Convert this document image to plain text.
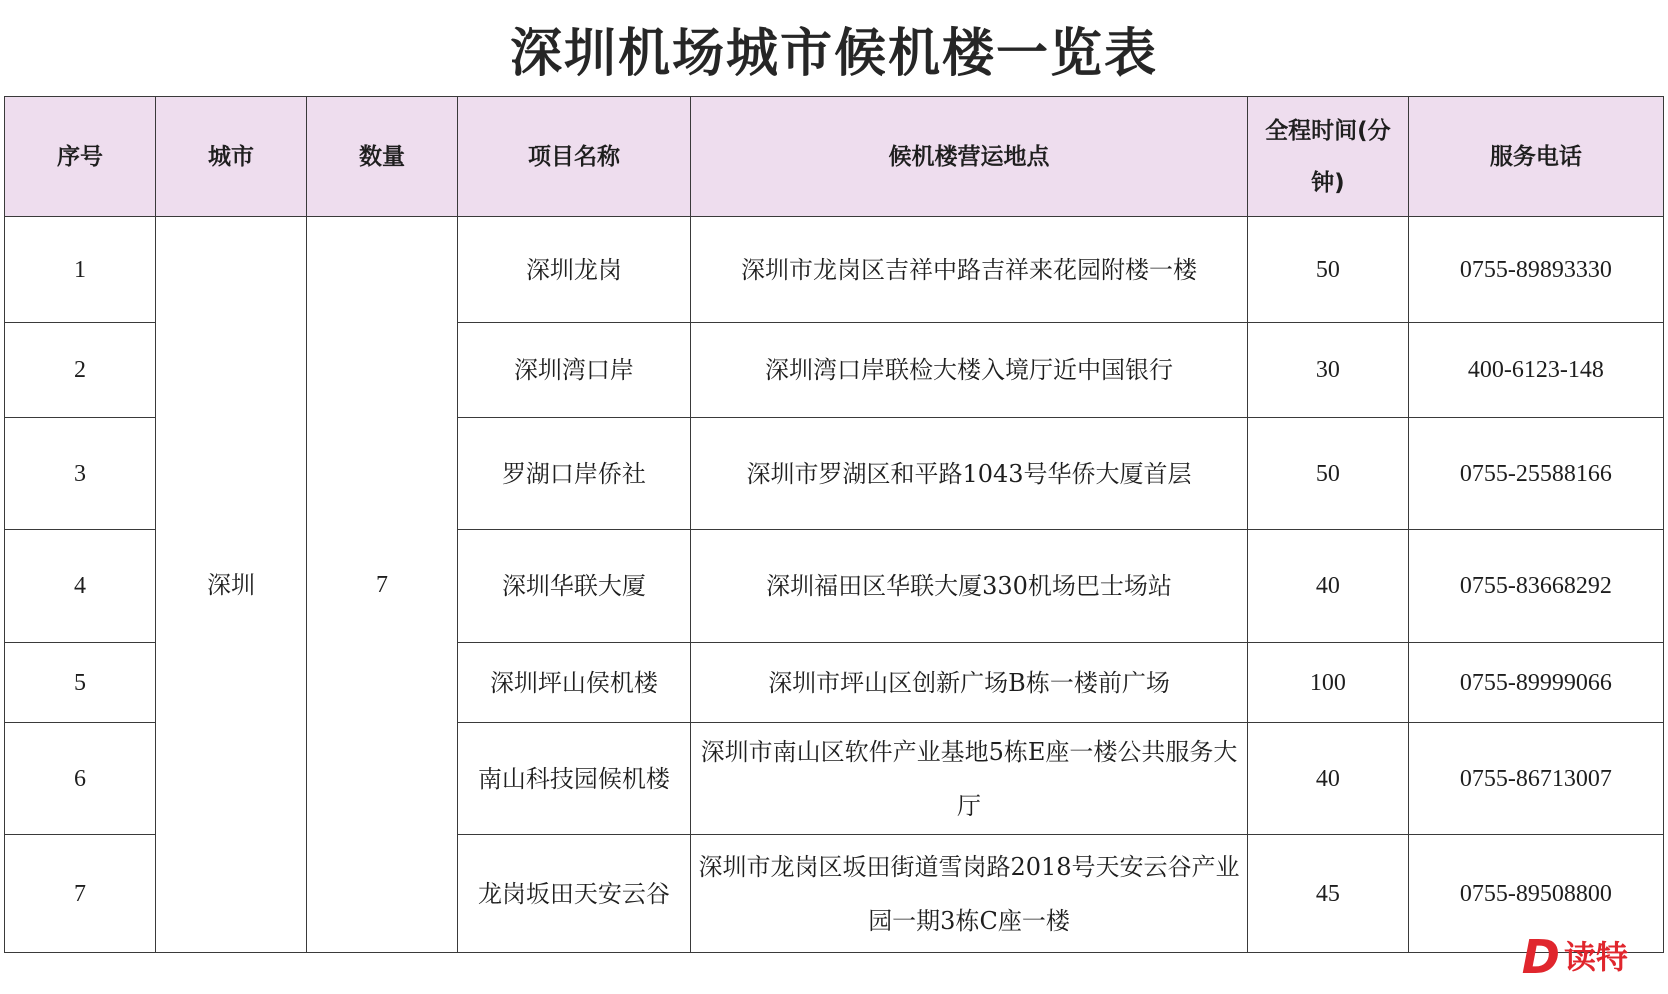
深圳机场城市候机楼一览表
序号	城市	数量	项目名称	候机楼营运地点	全程时间(分钟)	服务电话
1	深圳	7	深圳龙岗	深圳市龙岗区吉祥中路吉祥来花园附楼一楼	50	0755-89893330
2			深圳湾口岸	深圳湾口岸联检大楼入境厅近中国银行	30	400-6123-148
3			罗湖口岸侨社	深圳市罗湖区和平路1043号华侨大厦首层	50	0755-25588166
4			深圳华联大厦	深圳福田区华联大厦330机场巴士场站	40	0755-83668292
5			深圳坪山侯机楼	深圳市坪山区创新广场B栋一楼前广场	100	0755-89999066
6			南山科技园候机楼	深圳市南山区软件产业基地5栋E座一楼公共服务大厅	40	0755-86713007
7			龙岗坂田天安云谷	深圳市龙岗区坂田街道雪岗路2018号天安云谷产业园一期3栋C座一楼	45	0755-89508800
D 读特
